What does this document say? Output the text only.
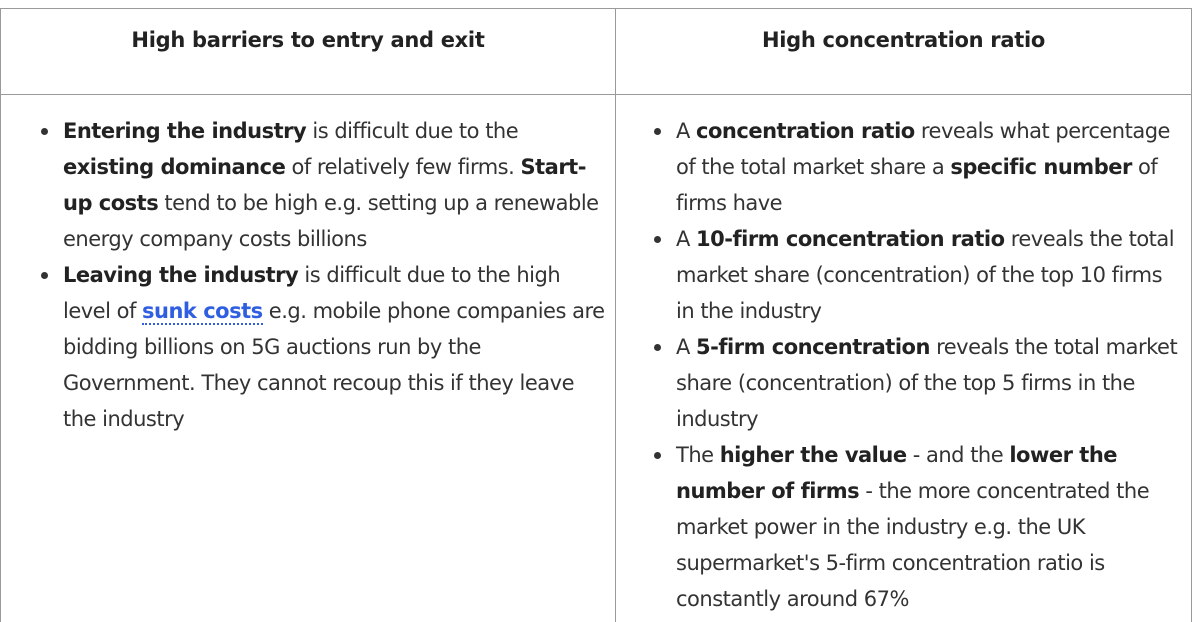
High barriers to entry and exit	High concentration ratio
Entering the industry is difficult due to the existing dominance of relatively few firms. Start-up costs tend to be high e.g. setting up a renewable energy company costs billions
Leaving the industry is difficult due to the high level of sunk costs e.g. mobile phone companies are bidding billions on 5G auctions run by the Government. They cannot recoup this if they leave the industry
A concentration ratio reveals what percentage of the total market share a specific number of firms have
A 10-firm concentration ratio reveals the total market share (concentration) of the top 10 firms in the industry
A 5-firm concentration reveals the total market share (concentration) of the top 5 firms in the industry
The higher the value - and the lower the number of firms - the more concentrated the market power in the industry e.g. the UK supermarket's 5-firm concentration ratio is constantly around 67%
